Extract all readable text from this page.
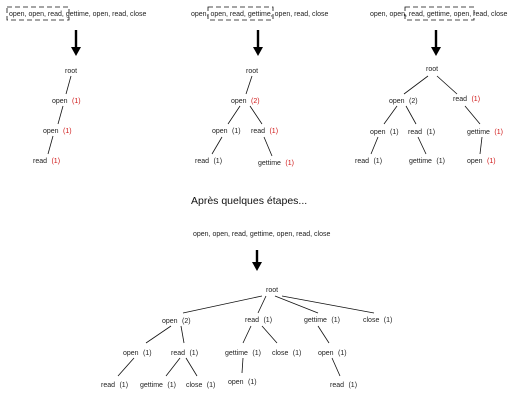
open, open, read, gettime, open, read, close
root
open (1)
open (1)
read (1)
open, open, read, gettime, open, read, close
root
open (2)
open (1) read (1)
read (1)	gettime (1)
open, open, read, gettime, open, read, close
root
open (2)	read (1)
open (1) read (1)	gettime (1)
read (1)	gettime (1)	open (1)
Après quelques étapes...
open, open, read, gettime, open, read, close
root
open (2)	read (1)	gettime (1)	close (1)
open (1)	read (1)	gettime (1) close (1) open (1)
read (1) gettime (1) close (1) open (1)	read (1)
